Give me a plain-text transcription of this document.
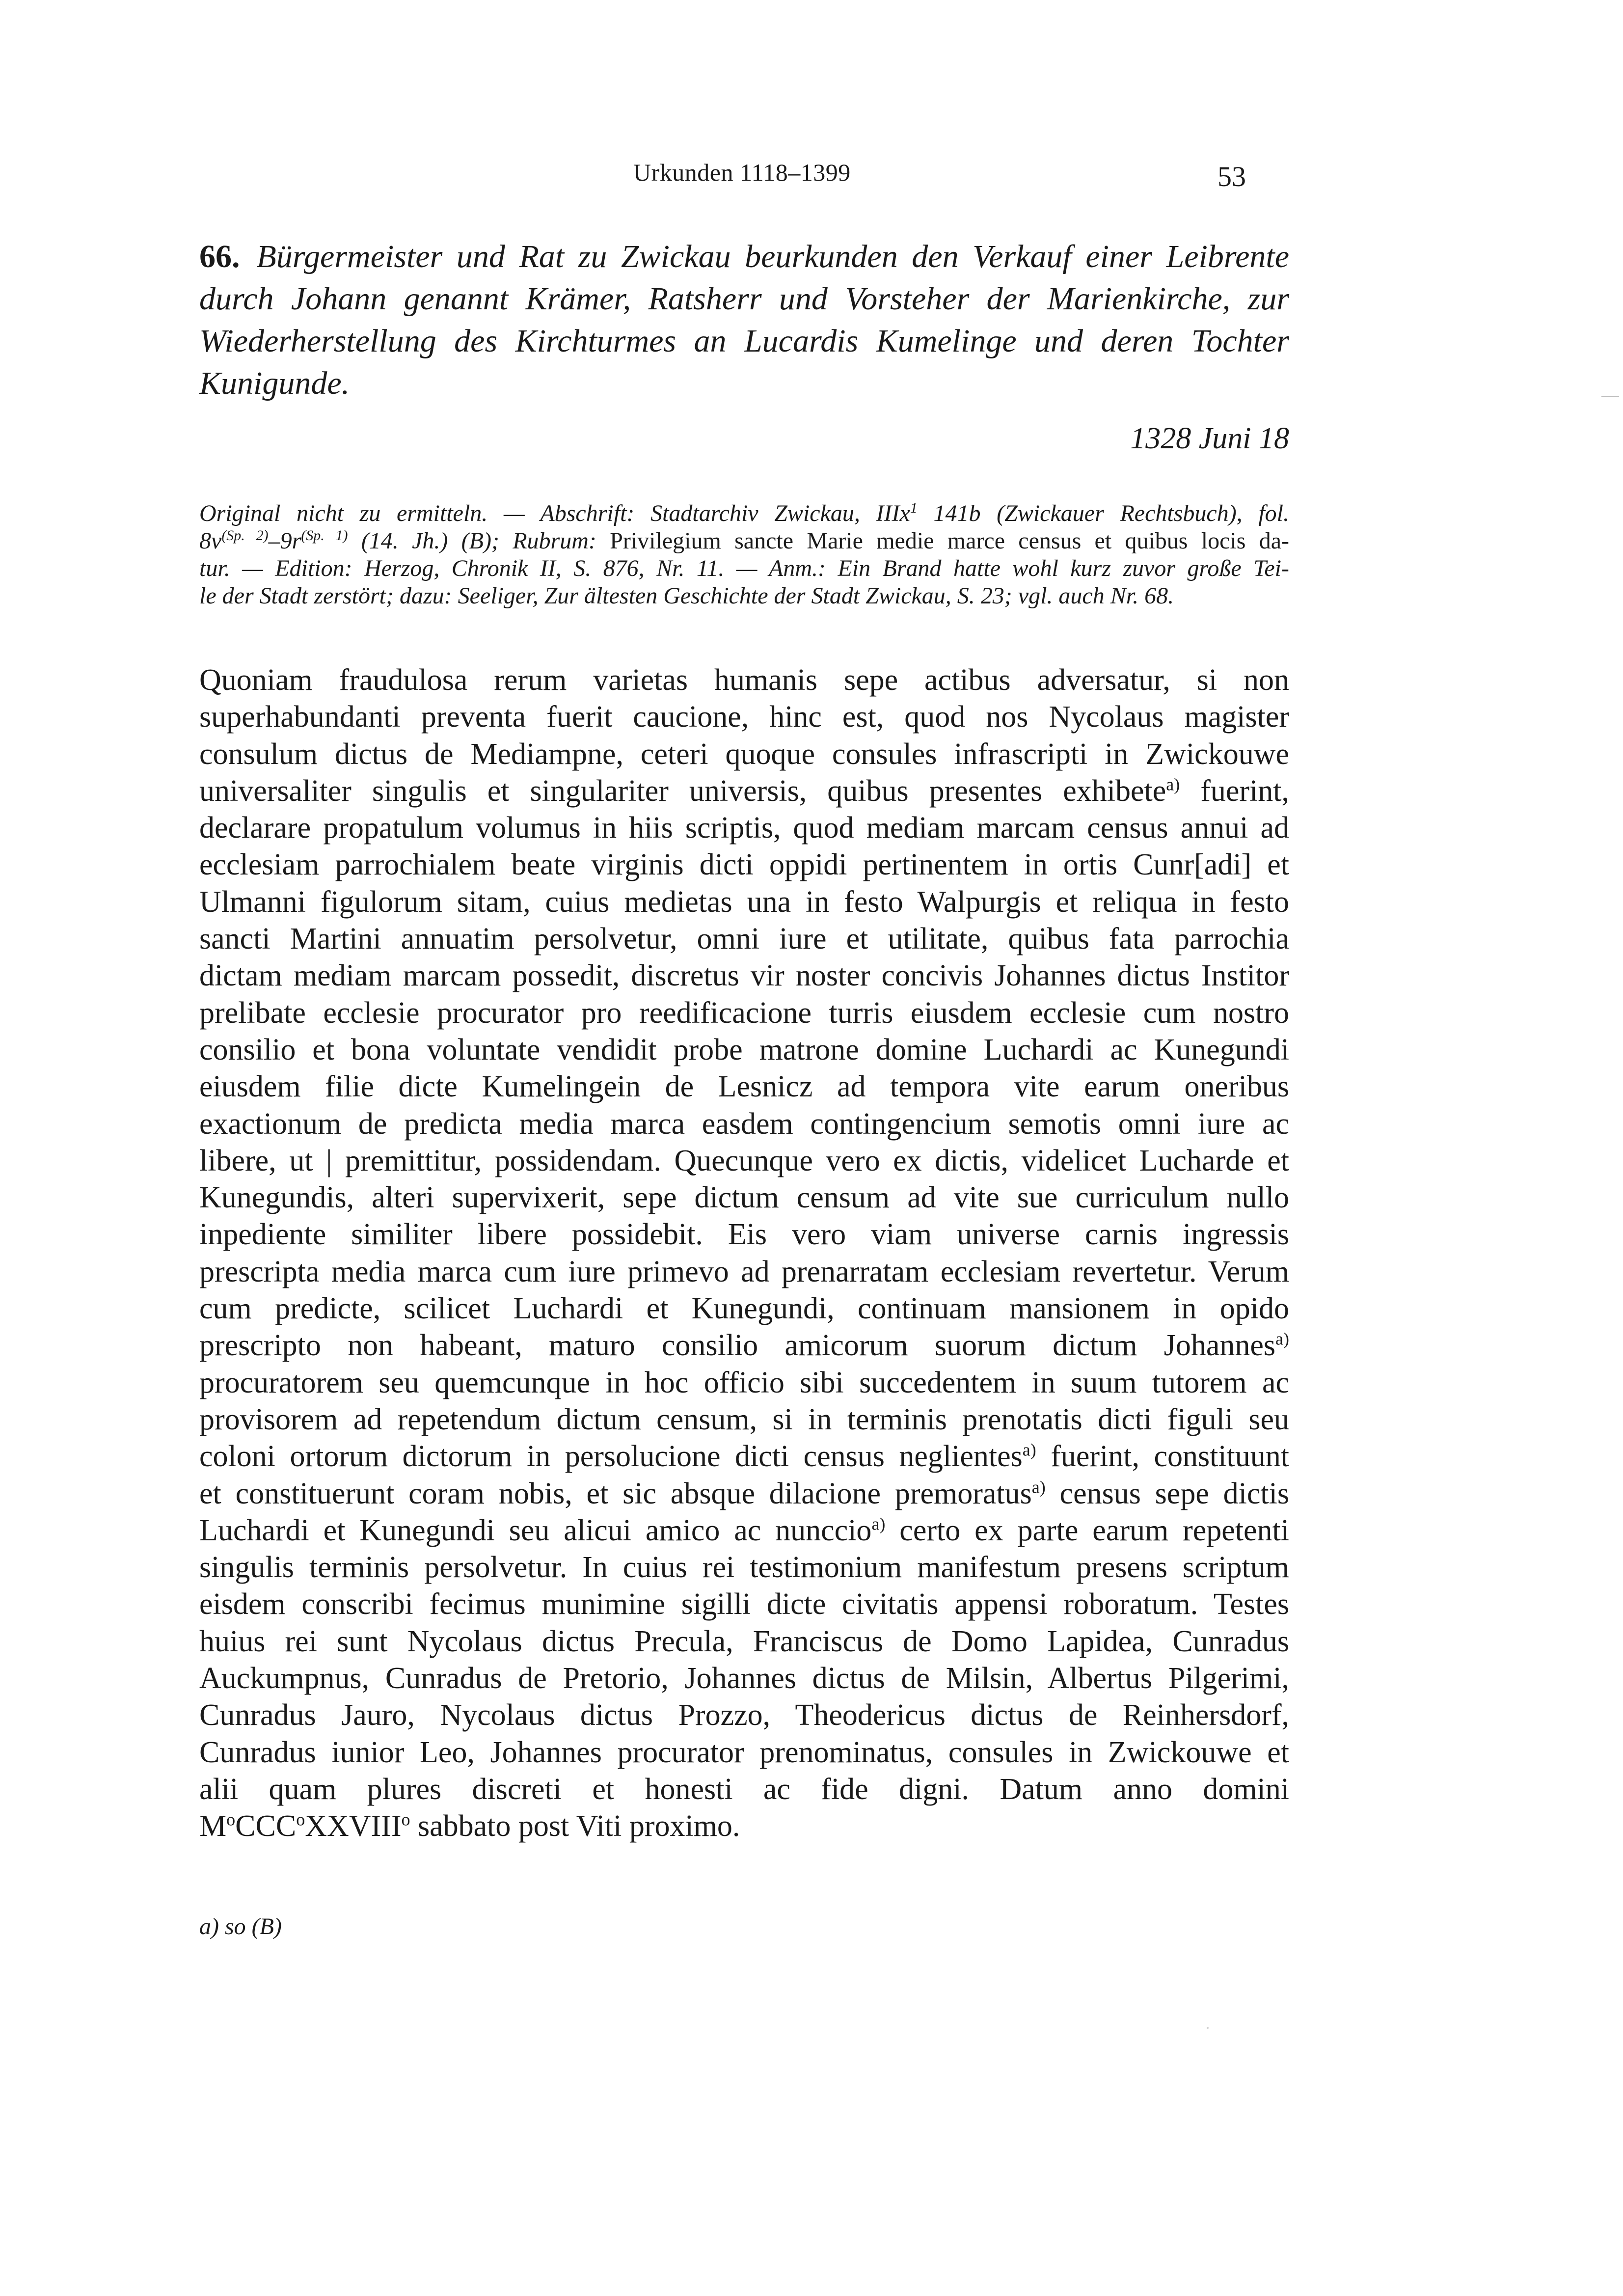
Urkunden 1118–1399	53
66. Bürgermeister und Rat zu Zwickau beurkunden den Verkauf einer Leibrente durch Johann genannt Krämer, Ratsherr und Vorsteher der Marienkirche, zur Wiederherstellung des Kirchturmes an Lucardis Kumelinge und deren Tochter Kunigunde.
1328 Juni 18

Original nicht zu ermitteln. — Abschrift: Stadtarchiv Zwickau, IIIx$^1$ 141b (Zwickauer Rechtsbuch), fol.

$8v^{(Sp. 2)}-9r^{(Sp. 1)}$ (14. Jh.) (B); Rubrum: Privilegium sancte Marie medie marce census et quibus locis da-

tur. — Edition: Herzog, Chronik II, S. 876, Nr. 11. — Anm.: Ein Brand hatte wohl kurz zuvor große Tei-

le der Stadt zerstört; dazu: Seeliger, Zur ältesten Geschichte der Stadt Zwickau, S. 23; vgl. auch Nr. 68.

Quoniam fraudulosa rerum varietas humanis sepe actibus adversatur, si non
superhabundanti preventa fuerit caucione, hinc est, quod nos Nycolaus magister
consulum dictus de Mediampne, ceteri quoque consules infrascripti in Zwickouwe
universaliter singulis et singulariter universis, quibus presentes exhibete$^{a)}$ fuerint,
declarare propatulum volumus in hiis scriptis, quod mediam marcam census annui ad
ecclesiam parrochialem beate virginis dicti oppidi pertinentem in ortis Cunr[adi] et
Ulmanni figulorum sitam, cuius medietas una in festo Walpurgis et reliqua in festo
sancti Martini annuatim persolvetur, omni iure et utilitate, quibus fata parrochia
dictam mediam marcam possedit, discretus vir noster concivis Johannes dictus Institor
prelibate ecclesie procurator pro reedificacione turris eiusdem ecclesie cum nostro
consilio et bona voluntate vendidit probe matrone domine Luchardi ac Kunegundi
eiusdem filie dicte Kumelingein de Lesnicz ad tempora vite earum oneribus
exactionum de predicta media marca easdem contingencium semotis omni iure ac
libere, ut | premittitur, possidendam. Quecunque vero ex dictis, videlicet Lucharde et
Kunegundis, alteri supervixerit, sepe dictum censum ad vite sue curriculum nullo
inpediente similiter libere possidebit. Eis vero viam universe carnis ingressis
prescripta media marca cum iure primevo ad prenarratam ecclesiam revertetur. Verum
cum predicte, scilicet Luchardi et Kunegundi, continuam mansionem in opido
prescripto non habeant, maturo consilio amicorum suorum dictum Johannes$^{a)}$
procuratorem seu quemcunque in hoc officio sibi succedentem in suum tutorem ac
provisorem ad repetendum dictum censum, si in terminis prenotatis dicti figuli seu
coloni ortorum dictorum in persolucione dicti census neglientes$^{a)}$ fuerint, constituunt
et constituerunt coram nobis, et sic absque dilacione premoratus$^{a)}$ census sepe dictis
Luchardi et Kunegundi seu alicui amico ac nunccio$^{a)}$ certo ex parte earum repetenti
singulis terminis persolvetur. In cuius rei testimonium manifestum presens scriptum
eisdem conscribi fecimus munimine sigilli dicte civitatis appensi roboratum. Testes
huius rei sunt Nycolaus dictus Precula, Franciscus de Domo Lapidea, Cunradus
Auckumpnus, Cunradus de Pretorio, Johannes dictus de Milsin, Albertus Pilgerimi,
Cunradus Jauro, Nycolaus dictus Prozzo, Theodericus dictus de Reinhersdorf,
Cunradus iunior Leo, Johannes procurator prenominatus, consules in Zwickouwe et
alii quam plures discreti et honesti ac fide digni. Datum anno domini
$M^oCCC^oXXVIII^o$ sabbato post Viti proximo.
a) so (B)
